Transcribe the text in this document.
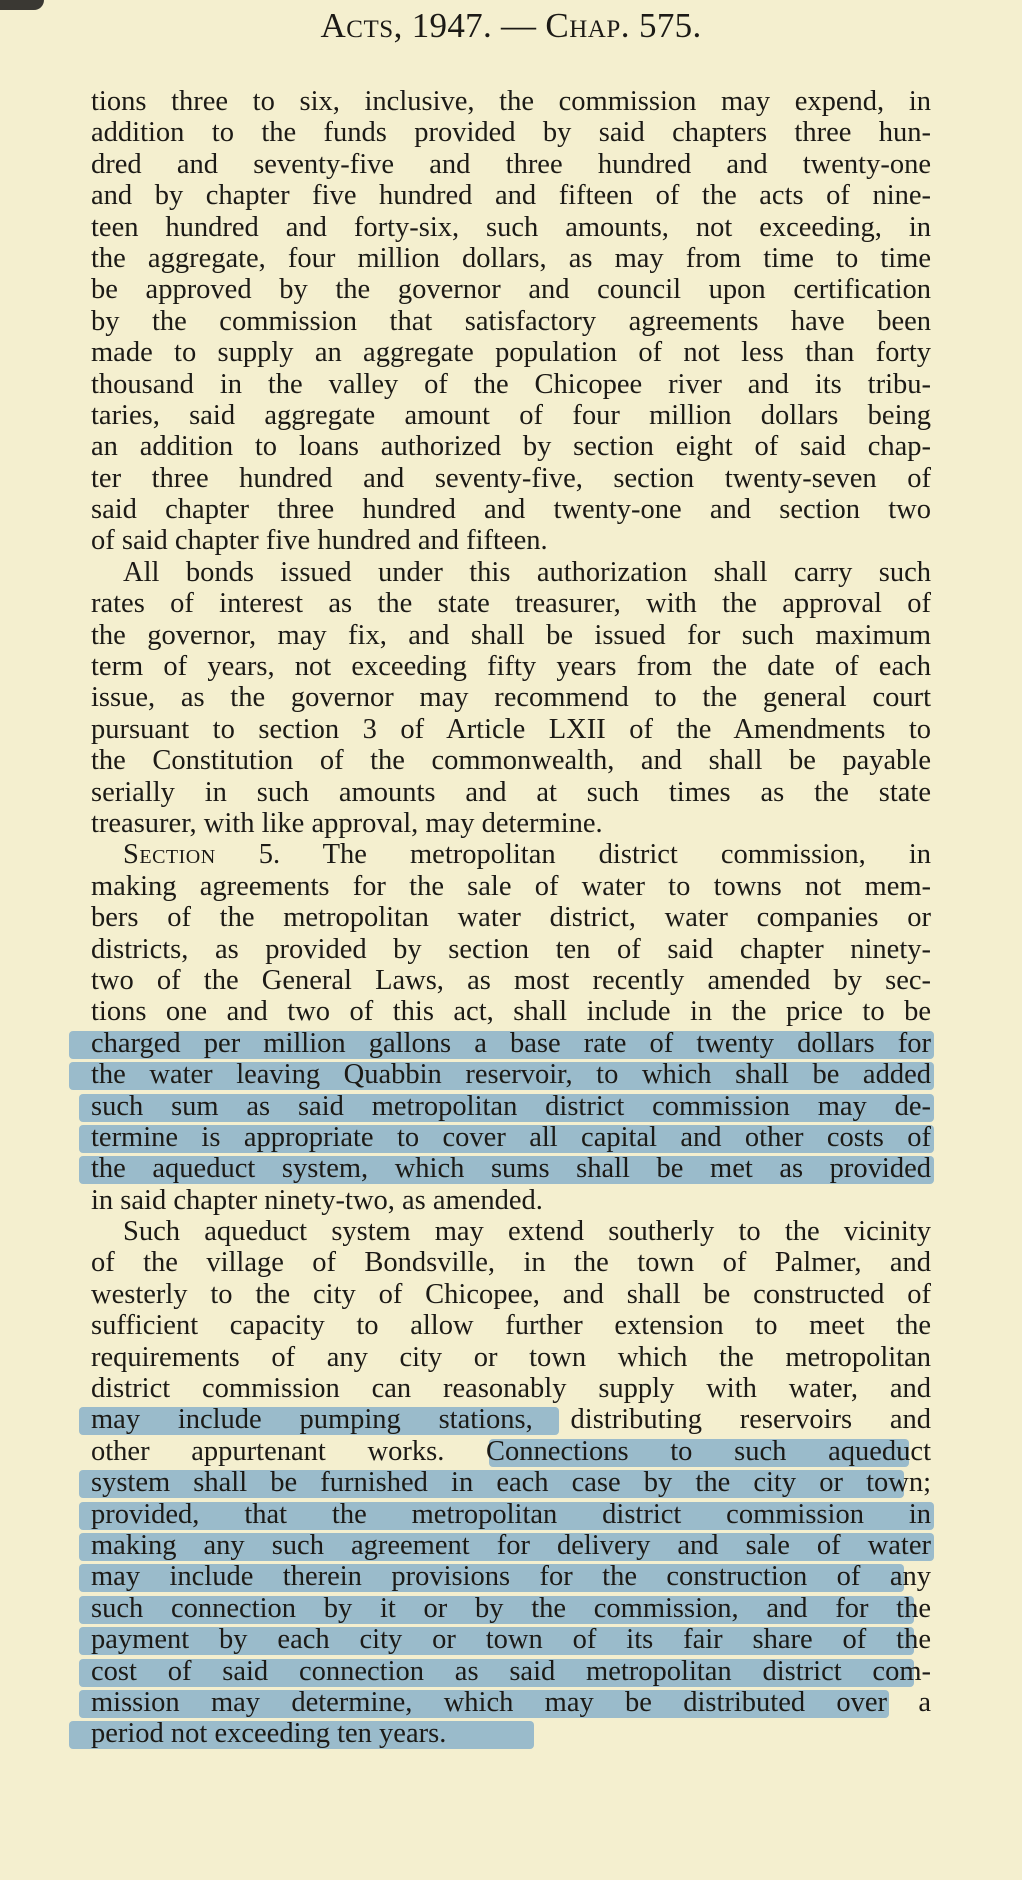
Acts, 1947. — Chap. 575.
tions three to six, inclusive, the commission may expend, in
addition to the funds provided by said chapters three hun-
dred and seventy-five and three hundred and twenty-one
and by chapter five hundred and fifteen of the acts of nine-
teen hundred and forty-six, such amounts, not exceeding, in
the aggregate, four million dollars, as may from time to time
be approved by the governor and council upon certification
by the commission that satisfactory agreements have been
made to supply an aggregate population of not less than forty
thousand in the valley of the Chicopee river and its tribu-
taries, said aggregate amount of four million dollars being
an addition to loans authorized by section eight of said chap-
ter three hundred and seventy-five, section twenty-seven of
said chapter three hundred and twenty-one and section two
of said chapter five hundred and fifteen.
All bonds issued under this authorization shall carry such
rates of interest as the state treasurer, with the approval of
the governor, may fix, and shall be issued for such maximum
term of years, not exceeding fifty years from the date of each
issue, as the governor may recommend to the general court
pursuant to section 3 of Article LXII of the Amendments to
the Constitution of the commonwealth, and shall be payable
serially in such amounts and at such times as the state
treasurer, with like approval, may determine.
Section 5. The metropolitan district commission, in
making agreements for the sale of water to towns not mem-
bers of the metropolitan water district, water companies or
districts, as provided by section ten of said chapter ninety-
two of the General Laws, as most recently amended by sec-
tions one and two of this act, shall include in the price to be
charged per million gallons a base rate of twenty dollars for
the water leaving Quabbin reservoir, to which shall be added
such sum as said metropolitan district commission may de-
termine is appropriate to cover all capital and other costs of
the aqueduct system, which sums shall be met as provided
in said chapter ninety-two, as amended.
Such aqueduct system may extend southerly to the vicinity
of the village of Bondsville, in the town of Palmer, and
westerly to the city of Chicopee, and shall be constructed of
sufficient capacity to allow further extension to meet the
requirements of any city or town which the metropolitan
district commission can reasonably supply with water, and
may include pumping stations, distributing reservoirs and
other appurtenant works. Connections to such aqueduct
system shall be furnished in each case by the city or town;
provided, that the metropolitan district commission in
making any such agreement for delivery and sale of water
may include therein provisions for the construction of any
such connection by it or by the commission, and for the
payment by each city or town of its fair share of the
cost of said connection as said metropolitan district com-
mission may determine, which may be distributed over a
period not exceeding ten years.
